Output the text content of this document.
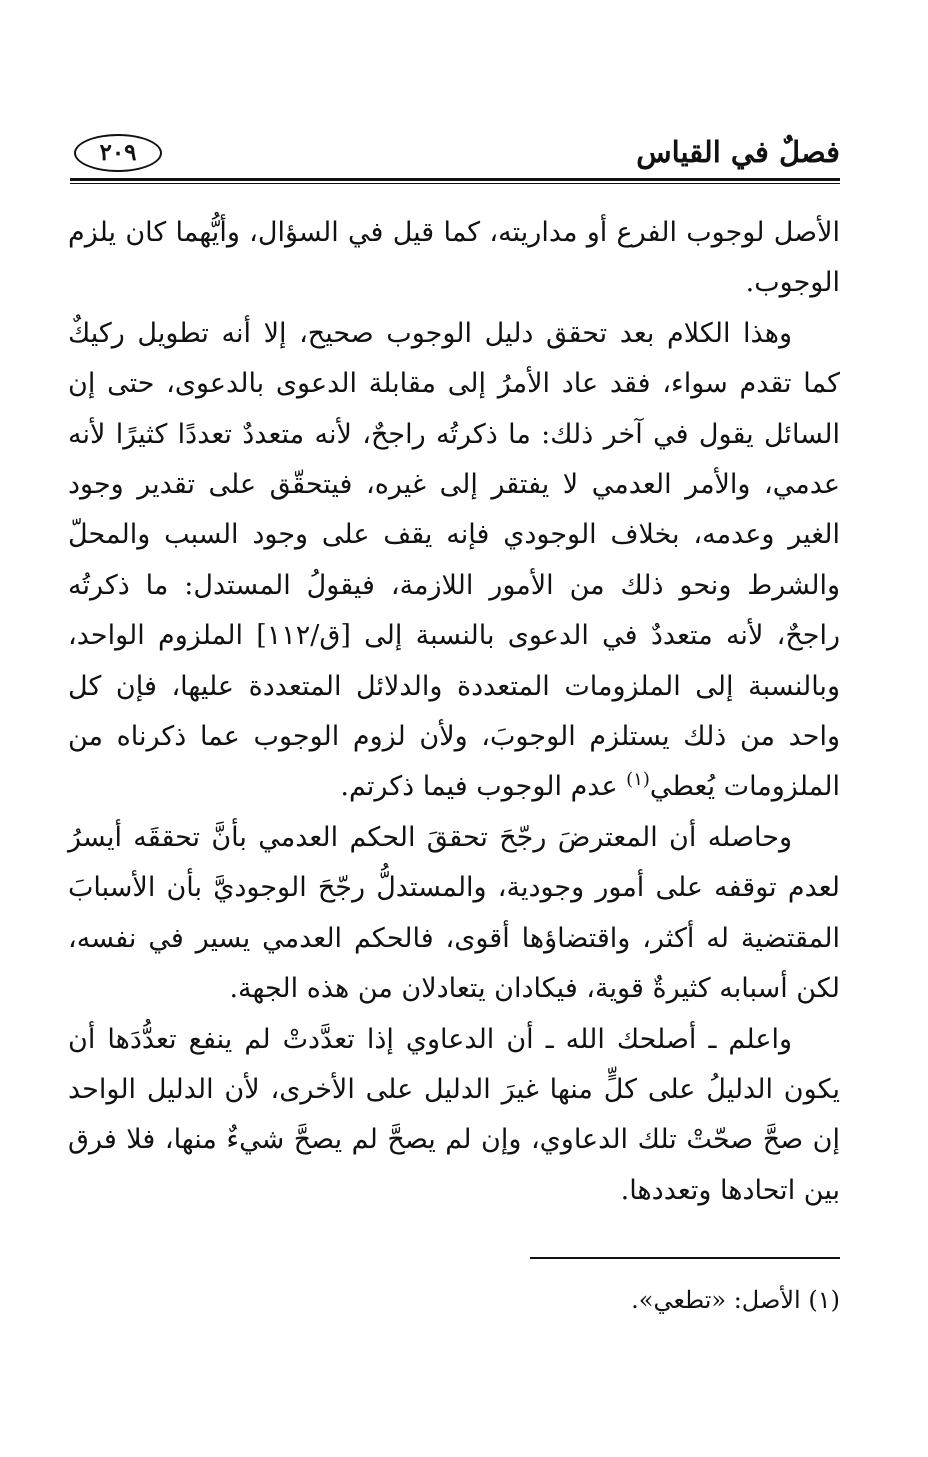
فصلٌ في القياس
٢٠٩

الأصل لوجوب الفرع أو مداريته، كما قيل في السؤال، وأيُّهما كان يلزم الوجوب.

وهذا الكلام بعد تحقق دليل الوجوب صحيح، إلا أنه تطويل ركيكٌ كما تقدم سواء، فقد عاد الأمرُ إلى مقابلة الدعوى بالدعوى، حتى إن السائل يقول في آخر ذلك: ما ذكرتُه راجحٌ، لأنه متعددٌ تعددًا كثيرًا لأنه عدمي، والأمر العدمي لا يفتقر إلى غيره، فيتحقّق على تقدير وجود الغير وعدمه، بخلاف الوجودي فإنه يقف على وجود السبب والمحلّ والشرط ونحو ذلك من الأمور اللازمة، فيقولُ المستدل: ما ذكرتُه راجحٌ، لأنه متعددٌ في الدعوى بالنسبة إلى [ق/١١٢] الملزوم الواحد، وبالنسبة إلى الملزومات المتعددة والدلائل المتعددة عليها، فإن كل واحد من ذلك يستلزم الوجوبَ، ولأن لزوم الوجوب عما ذكرناه من الملزومات يُعطي$^{(١)}$ عدم الوجوب فيما ذكرتم.

وحاصله أن المعترضَ رجّحَ تحققَ الحكم العدمي بأنَّ تحققَه أيسرُ لعدم توقفه على أمور وجودية، والمستدلُّ رجّحَ الوجوديَّ بأن الأسبابَ المقتضية له أكثر، واقتضاؤها أقوى، فالحكم العدمي يسير في نفسه، لكن أسبابه كثيرةٌ قوية، فيكادان يتعادلان من هذه الجهة.

واعلم ـ أصلحك الله ـ أن الدعاوي إذا تعدَّدتْ لم ينفع تعدُّدَها أن يكون الدليلُ على كلٍّ منها غيرَ الدليل على الأخرى، لأن الدليل الواحد إن صحَّ صحّتْ تلك الدعاوي، وإن لم يصحَّ لم يصحَّ شيءٌ منها، فلا فرق بين اتحادها وتعددها.

(١) الأصل: «تطعي».
